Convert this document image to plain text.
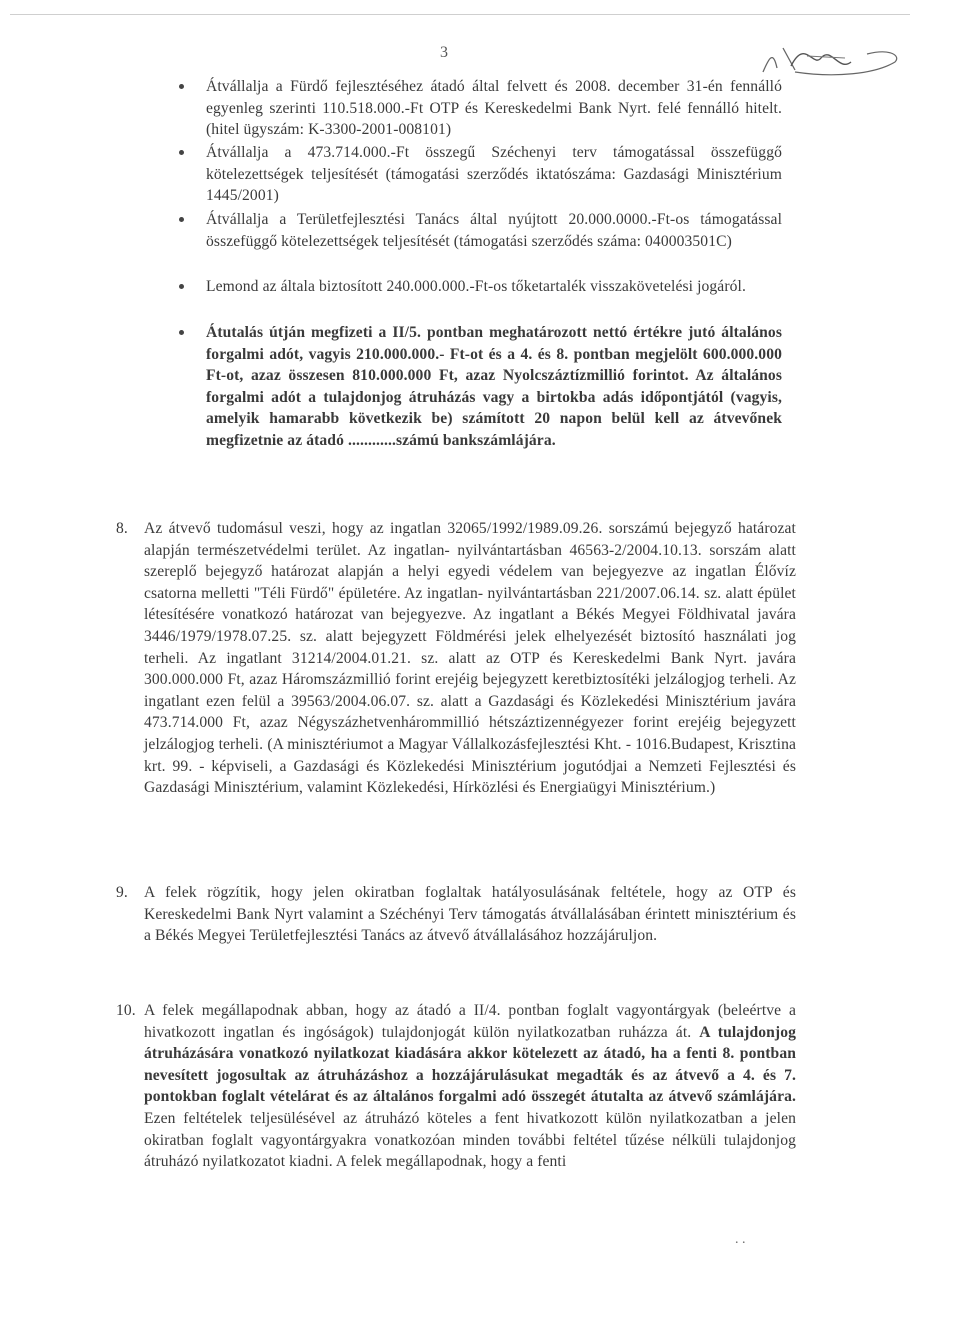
3
Átvállalja a Fürdő fejlesztéséhez átadó által felvett és 2008. december 31-én fennálló egyenleg szerinti 110.518.000.-Ft OTP és Kereskedelmi Bank Nyrt. felé fennálló hitelt. (hitel ügyszám: K-3300-2001-008101)
Átvállalja a 473.714.000.-Ft összegű Széchenyi terv támogatással összefüggő kötelezettségek teljesítését (támogatási szerződés iktatószáma: Gazdasági Minisztérium 1445/2001)
Átvállalja a Területfejlesztési Tanács által nyújtott 20.000.0000.-Ft-os támogatással összefüggő kötelezettségek teljesítését (támogatási szerződés száma: 040003501C)
Lemond az általa biztosított 240.000.000.-Ft-os tőketartalék visszakövetelési jogáról.
Átutalás útján megfizeti a II/5. pontban meghatározott nettó értékre jutó általános forgalmi adót, vagyis 210.000.000.- Ft-ot és a 4. és 8. pontban megjelölt 600.000.000 Ft-ot, azaz összesen 810.000.000 Ft, azaz Nyolcszáztízmillió forintot. Az általános forgalmi adót a tulajdonjog átruházás vagy a birtokba adás időpontjától (vagyis, amelyik hamarabb következik be) számított 20 napon belül kell az átvevőnek megfizetnie az átadó ............számú bankszámlájára.
8. Az átvevő tudomásul veszi, hogy az ingatlan 32065/1992/1989.09.26. sorszámú bejegyző határozat alapján természetvédelmi terület. Az ingatlan- nyilvántartásban 46563-2/2004.10.13. sorszám alatt szereplő bejegyző határozat alapján a helyi egyedi védelem van bejegyezve az ingatlan Élővíz csatorna melletti "Téli Fürdő" épületére. Az ingatlan- nyilvántartásban 221/2007.06.14. sz. alatt épület létesítésére vonatkozó határozat van bejegyezve. Az ingatlant a Békés Megyei Földhivatal javára 3446/1979/1978.07.25. sz. alatt bejegyzett Földmérési jelek elhelyezését biztosító használati jog terheli. Az ingatlant 31214/2004.01.21. sz. alatt az OTP és Kereskedelmi Bank Nyrt. javára 300.000.000 Ft, azaz Háromszázmillió forint erejéig bejegyzett keretbiztosítéki jelzálogjog terheli. Az ingatlant ezen felül a 39563/2004.06.07. sz. alatt a Gazdasági és Közlekedési Minisztérium javára 473.714.000 Ft, azaz Négyszázhetvenhárommillió hétszáztizennégyezer forint erejéig bejegyzett jelzálogjog terheli. (A minisztériumot a Magyar Vállalkozásfejlesztési Kht. - 1016.Budapest, Krisztina krt. 99. - képviseli, a Gazdasági és Közlekedési Minisztérium jogutódjai a Nemzeti Fejlesztési és Gazdasági Minisztérium, valamint Közlekedési, Hírközlési és Energiaügyi Minisztérium.)
9. A felek rögzítik, hogy jelen okiratban foglaltak hatályosulásának feltétele, hogy az OTP és Kereskedelmi Bank Nyrt valamint a Széchényi Terv támogatás átvállalásában érintett minisztérium és a Békés Megyei Területfejlesztési Tanács az átvevő átvállalásához hozzájáruljon.
10. A felek megállapodnak abban, hogy az átadó a II/4. pontban foglalt vagyontárgyak (beleértve a hivatkozott ingatlan és ingóságok) tulajdonjogát külön nyilatkozatban ruházza át. A tulajdonjog átruházására vonatkozó nyilatkozat kiadására akkor kötelezett az átadó, ha a fenti 8. pontban nevesített jogosultak az átruházáshoz a hozzájárulásukat megadták és az átvevő a 4. és 7. pontokban foglalt vételárat és az általános forgalmi adó összegét átutalta az átvevő számlájára. Ezen feltételek teljesülésével az átruházó köteles a fent hivatkozott külön nyilatkozatban a jelen okiratban foglalt vagyontárgyakra vonatkozóan minden további feltétel tűzése nélküli tulajdonjog átruházó nyilatkozatot kiadni. A felek megállapodnak, hogy a fenti
. .
